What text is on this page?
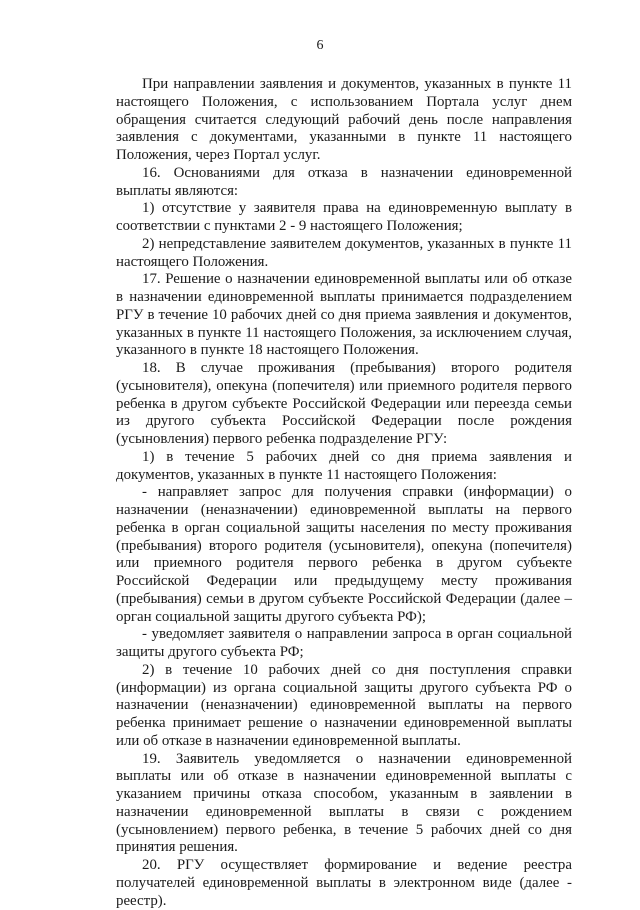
6

При направлении заявления и документов, указанных в пункте 11 настоящего Положения, с использованием Портала услуг днем обращения считается следующий рабочий день после направления заявления с документами, указанными в пункте 11 настоящего Положения, через Портал услуг.

16. Основаниями для отказа в назначении единовременной выплаты являются:

1) отсутствие у заявителя права на единовременную выплату в соответствии с пунктами 2 - 9 настоящего Положения;

2) непредставление заявителем документов, указанных в пункте 11 настоящего Положения.

17. Решение о назначении единовременной выплаты или об отказе в назначении единовременной выплаты принимается подразделением РГУ в течение 10 рабочих дней со дня приема заявления и документов, указанных в пункте 11 настоящего Положения, за исключением случая, указанного в пункте 18 настоящего Положения.

18. В случае проживания (пребывания) второго родителя (усыновителя), опекуна (попечителя) или приемного родителя первого ребенка в другом субъекте Российской Федерации или переезда семьи из другого субъекта Российской Федерации после рождения (усыновления) первого ребенка подразделение РГУ:

1) в течение 5 рабочих дней со дня приема заявления и документов, указанных в пункте 11 настоящего Положения:

- направляет запрос для получения справки (информации) о назначении (неназначении) единовременной выплаты на первого ребенка в орган социальной защиты населения по месту проживания (пребывания) второго родителя (усыновителя), опекуна (попечителя) или приемного родителя первого ребенка в другом субъекте Российской Федерации или предыдущему месту проживания (пребывания) семьи в другом субъекте Российской Федерации (далее – орган социальной защиты другого субъекта РФ);

- уведомляет заявителя о направлении запроса в орган социальной защиты другого субъекта РФ;

2) в течение 10 рабочих дней со дня поступления справки (информации) из органа социальной защиты другого субъекта РФ о назначении (неназначении) единовременной выплаты на первого ребенка принимает решение о назначении единовременной выплаты или об отказе в назначении единовременной выплаты.

19. Заявитель уведомляется о назначении единовременной выплаты или об отказе в назначении единовременной выплаты с указанием причины отказа способом, указанным в заявлении в назначении единовременной выплаты в связи с рождением (усыновлением) первого ребенка, в течение 5 рабочих дней со дня принятия решения.

20. РГУ осуществляет формирование и ведение реестра получателей единовременной выплаты в электронном виде (далее - реестр).
